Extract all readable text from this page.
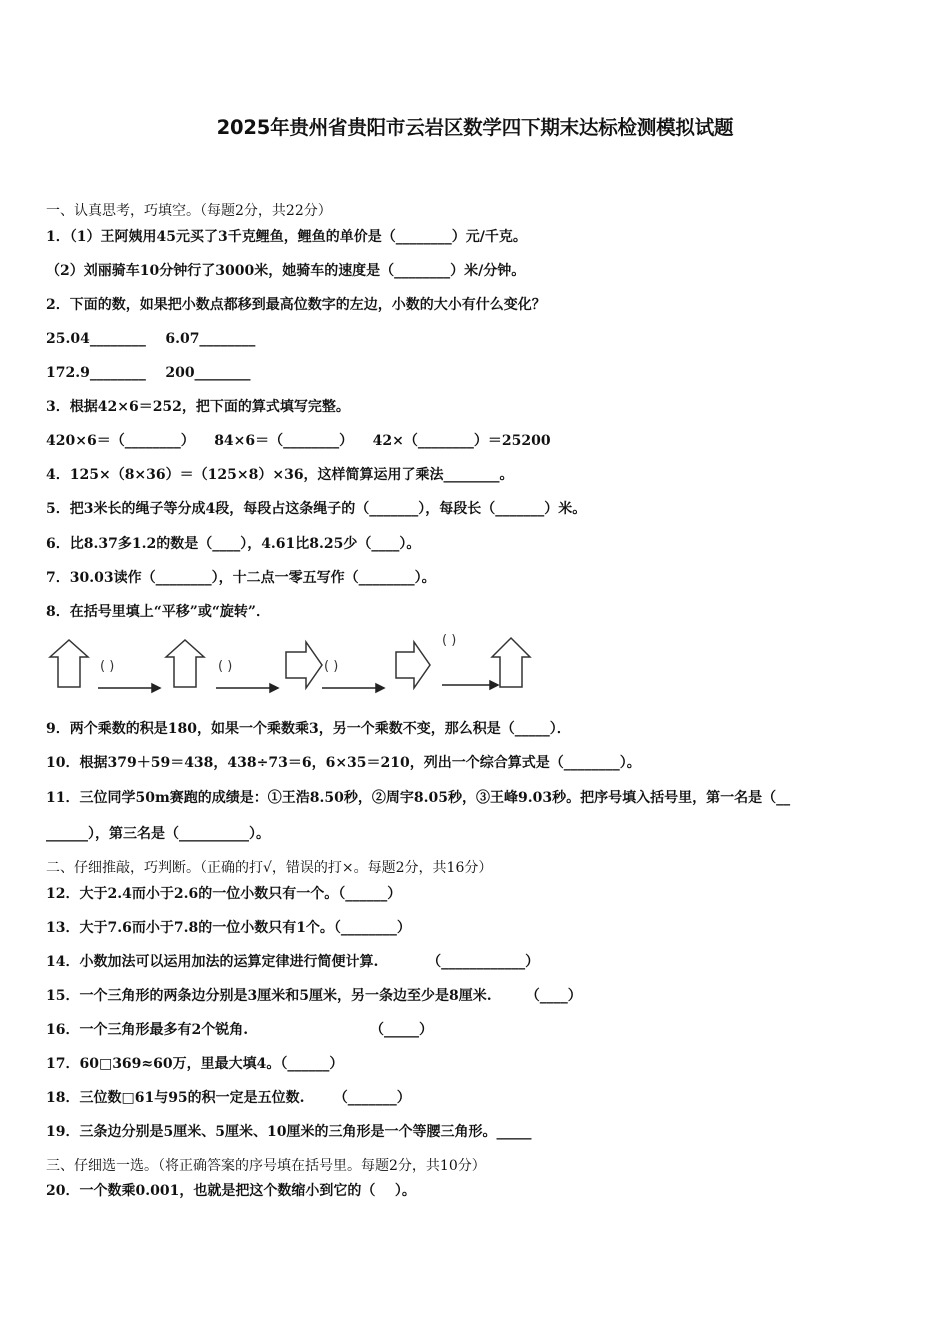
2025年贵州省贵阳市云岩区数学四下期末达标检测模拟试题
一、认真思考，巧填空。（每题2分，共22分）
1．（1）王阿姨用45元买了3千克鲤鱼，鲤鱼的单价是（________）元/千克。
（2）刘丽骑车10分钟行了3000米，她骑车的速度是（________）米/分钟。
2．下面的数，如果把小数点都移到最高位数字的左边，小数的大小有什么变化？
25.04________    6.07________
172.9________    200________
3．根据42×6＝252，把下面的算式填写完整。
420×6＝（________）    84×6＝（________）    42×（________）＝25200
4．125×（8×36）＝（125×8）×36，这样简算运用了乘法________。
5．把3米长的绳子等分成4段，每段占这条绳子的（_______），每段长（_______）米。
6．比8.37多1.2的数是（____），4.61比8.25少（____）。
7．30.03读作（________），十二点一零五写作（________）。
8．在括号里填上“平移”或“旋转”．
( )	( )	( )
( )
9．两个乘数的积是180，如果一个乘数乘3，另一个乘数不变，那么积是（_____）．
10．根据379＋59＝438，438÷73＝6，6×35＝210，列出一个综合算式是（________）。
11．三位同学50m赛跑的成绩是：①王浩8.50秒，②周宇8.05秒，③王峰9.03秒。把序号填入括号里，第一名是（__
______），第三名是（__________）。
二、仔细推敲，巧判断。（正确的打√，错误的打×。每题2分，共16分）
12．大于2.4而小于2.6的一位小数只有一个。（______）
13．大于7.6而小于7.8的一位小数只有1个。（________）
14．小数加法可以运用加法的运算定律进行简便计算.          （____________）
15．一个三角形的两条边分别是3厘米和5厘米，另一条边至少是8厘米.       （____）
16．一个三角形最多有2个锐角.                         （_____）
17．60□369≈60万，里最大填4。（______）
18．三位数□61与95的积一定是五位数.      （_______）
19．三条边分别是5厘米、5厘米、10厘米的三角形是一个等腰三角形。_____
三、仔细选一选。（将正确答案的序号填在括号里。每题2分，共10分）
20．一个数乘0.001，也就是把这个数缩小到它的（    ）。
